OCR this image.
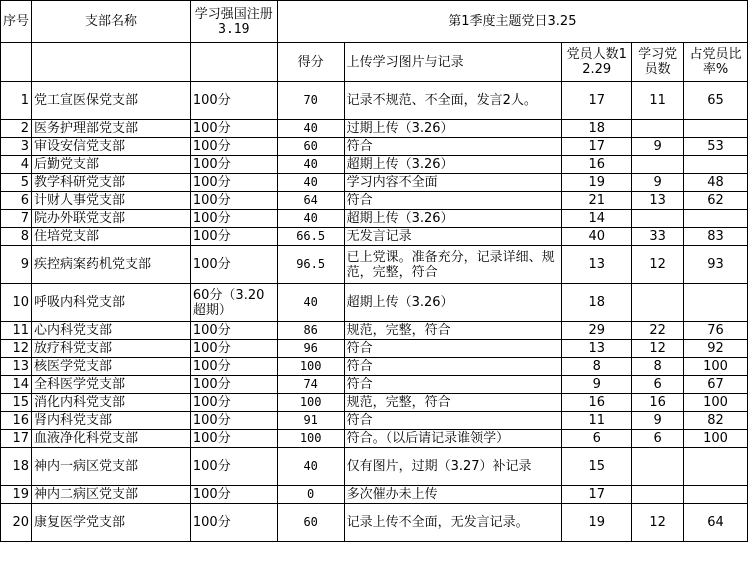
序号	支部名称	学习强国注册3.19	第1季度主题党日3.25				
			得分	上传学习图片与记录	党员人数12.29	学习党员数	占党员比率%
1	党工宣医保党支部	100分	70	记录不规范、不全面，发言2人。	17	11	65
2	医务护理部党支部	100分	40	过期上传（3.26）	18		
3	审设安信党支部	100分	60	符合	17	9	53
4	后勤党支部	100分	40	超期上传（3.26）	16		
5	教学科研党支部	100分	40	学习内容不全面	19	9	48
6	计财人事党支部	100分	64	符合	21	13	62
7	院办外联党支部	100分	40	超期上传（3.26）	14		
8	住培党支部	100分	66.5	无发言记录	40	33	83
9	疾控病案药机党支部	100分	96.5	已上党课。准备充分，记录详细、规范，完整，符合	13	12	93
10	呼吸内科党支部	60分（3.20超期）	40	超期上传（3.26）	18		
11	心内科党支部	100分	86	规范，完整，符合	29	22	76
12	放疗科党支部	100分	96	符合	13	12	92
13	核医学党支部	100分	100	符合	8	8	100
14	全科医学党支部	100分	74	符合	9	6	67
15	消化内科党支部	100分	100	规范，完整，符合	16	16	100
16	肾内科党支部	100分	91	符合	11	9	82
17	血液净化科党支部	100分	100	符合。（以后请记录谁领学）	6	6	100
18	神内一病区党支部	100分	40	仅有图片，过期（3.27）补记录	15		
19	神内二病区党支部	100分	0	多次催办未上传	17		
20	康复医学党支部	100分	60	记录上传不全面，无发言记录。	19	12	64
